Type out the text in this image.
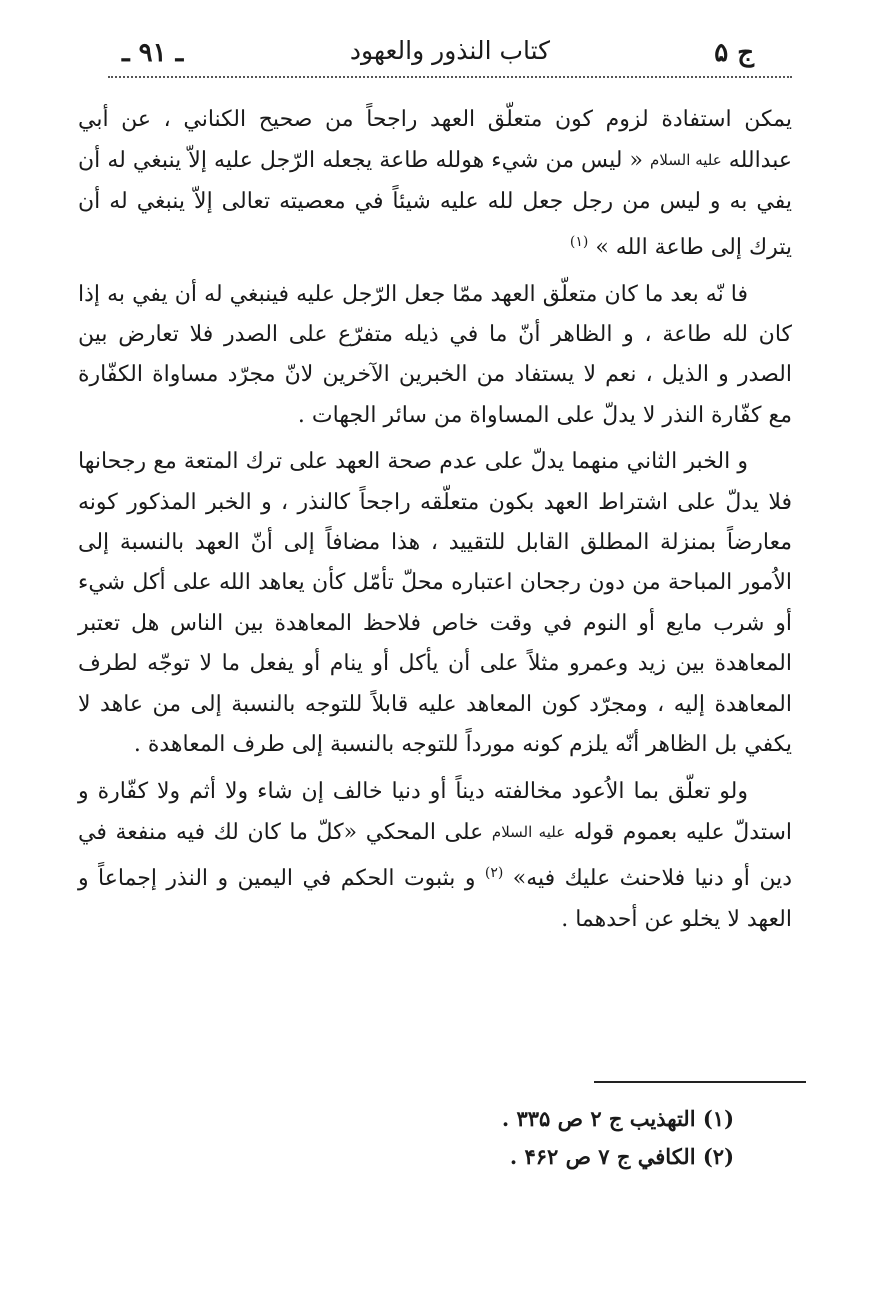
ج ۵
کتاب النذور والعهود
ـ ۹۱ ـ

یمکن استفادة لزوم کون متعلّق العهد راجحاً من صحیح الکناني ، عن أبي عبدالله عليه السلام « لیس من شيء هولله طاعة یجعله الرّجل علیه إلاّ ینبغي له أن یفي به و لیس من رجل جعل لله علیه شیئاً في معصیته تعالی إلاّ ینبغي له أن یترك إلی طاعة الله » $^{(۱)}$

فا نّه بعد ما کان متعلّق العهد ممّا جعل الرّجل علیه فینبغي له أن یفي به إذا کان لله طاعة ، و الظاهر أنّ ما في ذیله متفرّع علی الصدر فلا تعارض بین الصدر و الذیل ، نعم لا یستفاد من الخبرین الآخرین لانّ مجرّد مساواة الکفّارة مع کفّارة النذر لا یدلّ علی المساواة من سائر الجهات .

و الخبر الثاني منهما یدلّ علی عدم صحة العهد علی ترك المتعة مع رجحانها فلا یدلّ علی اشتراط العهد بکون متعلّقه راجحاً کالنذر ، و الخبر المذکور کونه معارضاً بمنزلة المطلق القابل للتقیید ، هذا مضافاً إلی أنّ العهد بالنسبة إلی الاُمور المباحة من دون رجحان اعتباره محلّ تأمّل کأن یعاهد الله علی أکل شيء أو شرب مایع أو النوم في وقت خاص فلاحظ المعاهدة بین الناس هل تعتبر المعاهدة بین زید وعمرو مثلاً علی أن یأکل أو ینام أو یفعل ما لا توجّه لطرف المعاهدة إلیه ، ومجرّد کون المعاهد علیه قابلاً للتوجه بالنسبة إلی من عاهد لا یکفي بل الظاهر أنّه یلزم کونه مورداً للتوجه بالنسبة إلی طرف المعاهدة .

ولو تعلّق بما الاُعود مخالفته دیناً أو دنیا خالف إن شاء ولا أثم ولا کفّارة و استدلّ علیه بعموم قوله عليه السلام علی المحکي «کلّ ما کان لك فیه منفعة في دین أو دنیا فلاحنث علیك فیه» $^{(۲)}$ و بثبوت الحکم في الیمین و النذر إجماعاً و العهد لا یخلو عن أحدهما .

(۱) التهذیب ج ۲ ص ۳۳۵ .
(۲) الکافي ج ۷ ص ۴۶۲ .
